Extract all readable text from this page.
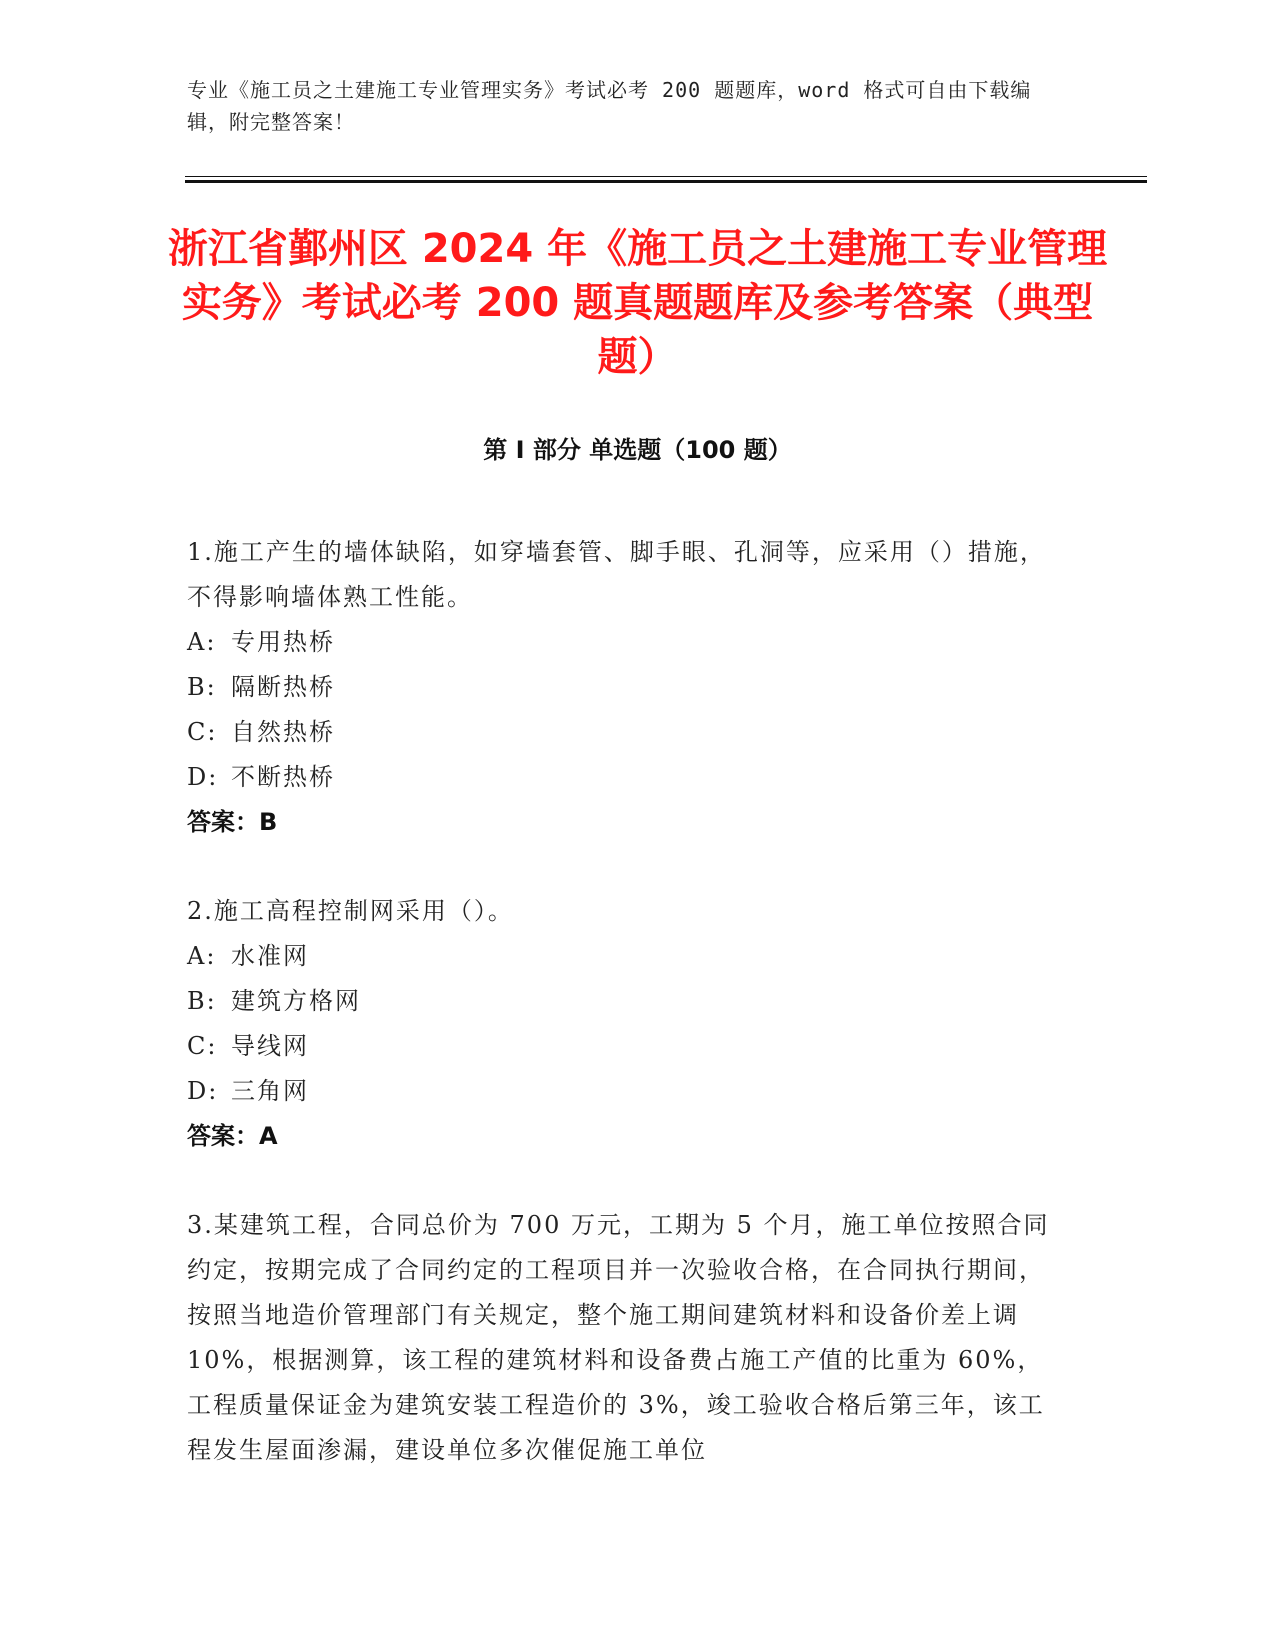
专业《施工员之土建施工专业管理实务》考试必考 200 题题库，word 格式可自由下载编辑，附完整答案！
浙江省鄞州区 2024 年《施工员之土建施工专业管理实务》考试必考 200 题真题题库及参考答案（典型题）
第 I 部分 单选题（100 题）
1.施工产生的墙体缺陷，如穿墙套管、脚手眼、孔洞等，应采用（）措施，不得影响墙体熟工性能。
A: 专用热桥
B: 隔断热桥
C: 自然热桥
D: 不断热桥
答案：B
2.施工高程控制网采用（）。
A: 水准网
B: 建筑方格网
C: 导线网
D: 三角网
答案：A
3.某建筑工程，合同总价为 700 万元，工期为 5 个月，施工单位按照合同约定，按期完成了合同约定的工程项目并一次验收合格，在合同执行期间，按照当地造价管理部门有关规定，整个施工期间建筑材料和设备价差上调 10%，根据测算，该工程的建筑材料和设备费占施工产值的比重为 60%，工程质量保证金为建筑安装工程造价的 3%，竣工验收合格后第三年，该工程发生屋面渗漏，建设单位多次催促施工单位
